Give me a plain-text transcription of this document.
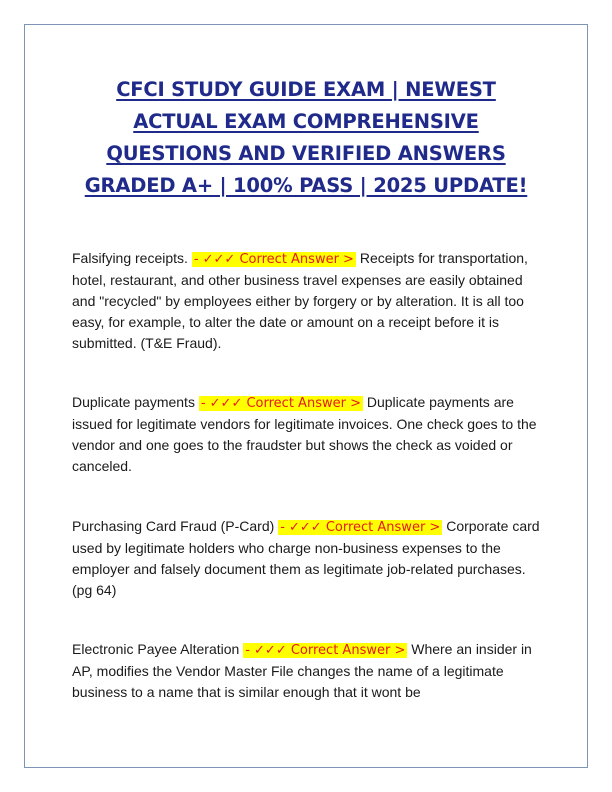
CFCI STUDY GUIDE EXAM | NEWEST
ACTUAL EXAM COMPREHENSIVE
QUESTIONS AND VERIFIED ANSWERS
GRADED A+ | 100% PASS | 2025 UPDATE!

Falsifying receipts. - ✓✓✓ Correct Answer > Receipts for transportation, hotel, restaurant, and other business travel expenses are easily obtained and "recycled" by employees either by forgery or by alteration. It is all too easy, for example, to alter the date or amount on a receipt before it is submitted. (T&E Fraud).

Duplicate payments - ✓✓✓ Correct Answer > Duplicate payments are issued for legitimate vendors for legitimate invoices. One check goes to the vendor and one goes to the fraudster but shows the check as voided or canceled.

Purchasing Card Fraud (P-Card) - ✓✓✓ Correct Answer > Corporate card used by legitimate holders who charge non-business expenses to the employer and falsely document them as legitimate job-related purchases. (pg 64)

Electronic Payee Alteration - ✓✓✓ Correct Answer > Where an insider in AP, modifies the Vendor Master File changes the name of a legitimate business to a name that is similar enough that it wont be
